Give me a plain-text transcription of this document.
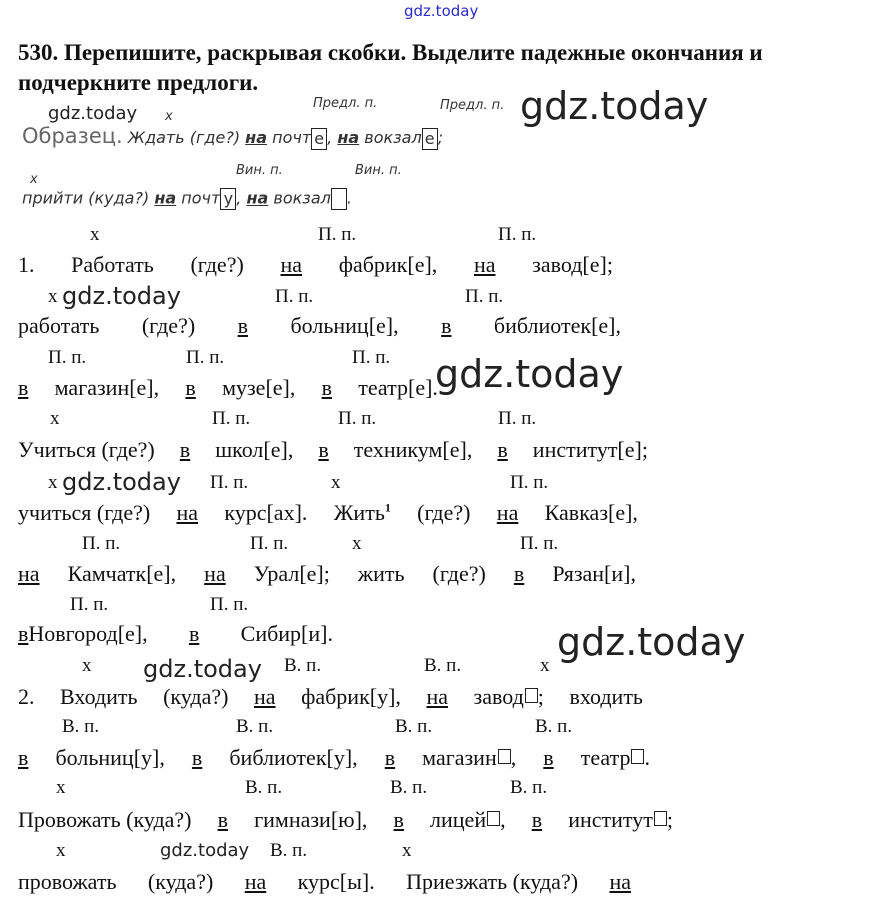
gdz.today
gdz.today	gdz.today
gdz.today
gdz.today
gdz.today
gdz.today
gdz.today
gdz.today
530. Перепишите, раскрывая скобки. Выделите падежные окончания и
подчеркните предлоги.
х
Предл. п.	Предл. п.
Образец. Ждать (где?) на почт е , на вокзал е ;
Вин. п.	Вин. п.
х
прийти (куда?) на почт у , на вокзал .
х	П. п.	П. п.
х	П. п.	П. п.
П. п.	П. п.	П. п.
х	П. п.	П. п.	П. п.
х	П. п.	х	П. п.
П. п.	П. п.	х	П. п.
П. п.	П. п.
х	В. п.	В. п.	х
В. п.	В. п.	В. п.	В. п.
х	В. п.	В. п.	В. п.
х	В. п.	х
1. Работать (где?) на фабрик[е], на завод[е];
работать (где?) в больниц[е], в библиотек[е],
в магазин[е], в музе[е], в театр[е].
Учиться (где?) в школ[е], в техникум[е], в институт[е];
учиться (где?) на курс[ах]. Жить$^1$ (где?) на Кавказ[е],
на Камчатк[е], на Урал[е]; жить (где?) в Рязан[и],
вНовгород[е], в Сибир[и].
2. Входить (куда?) на фабрик[у], на завод ; входить
в больниц[у], в библиотек[у], в магазин , в театр .
Провожать (куда?) в гимнази[ю], в лицей , в институт ;
провожать (куда?) на курс[ы]. Приезжать (куда?) на
